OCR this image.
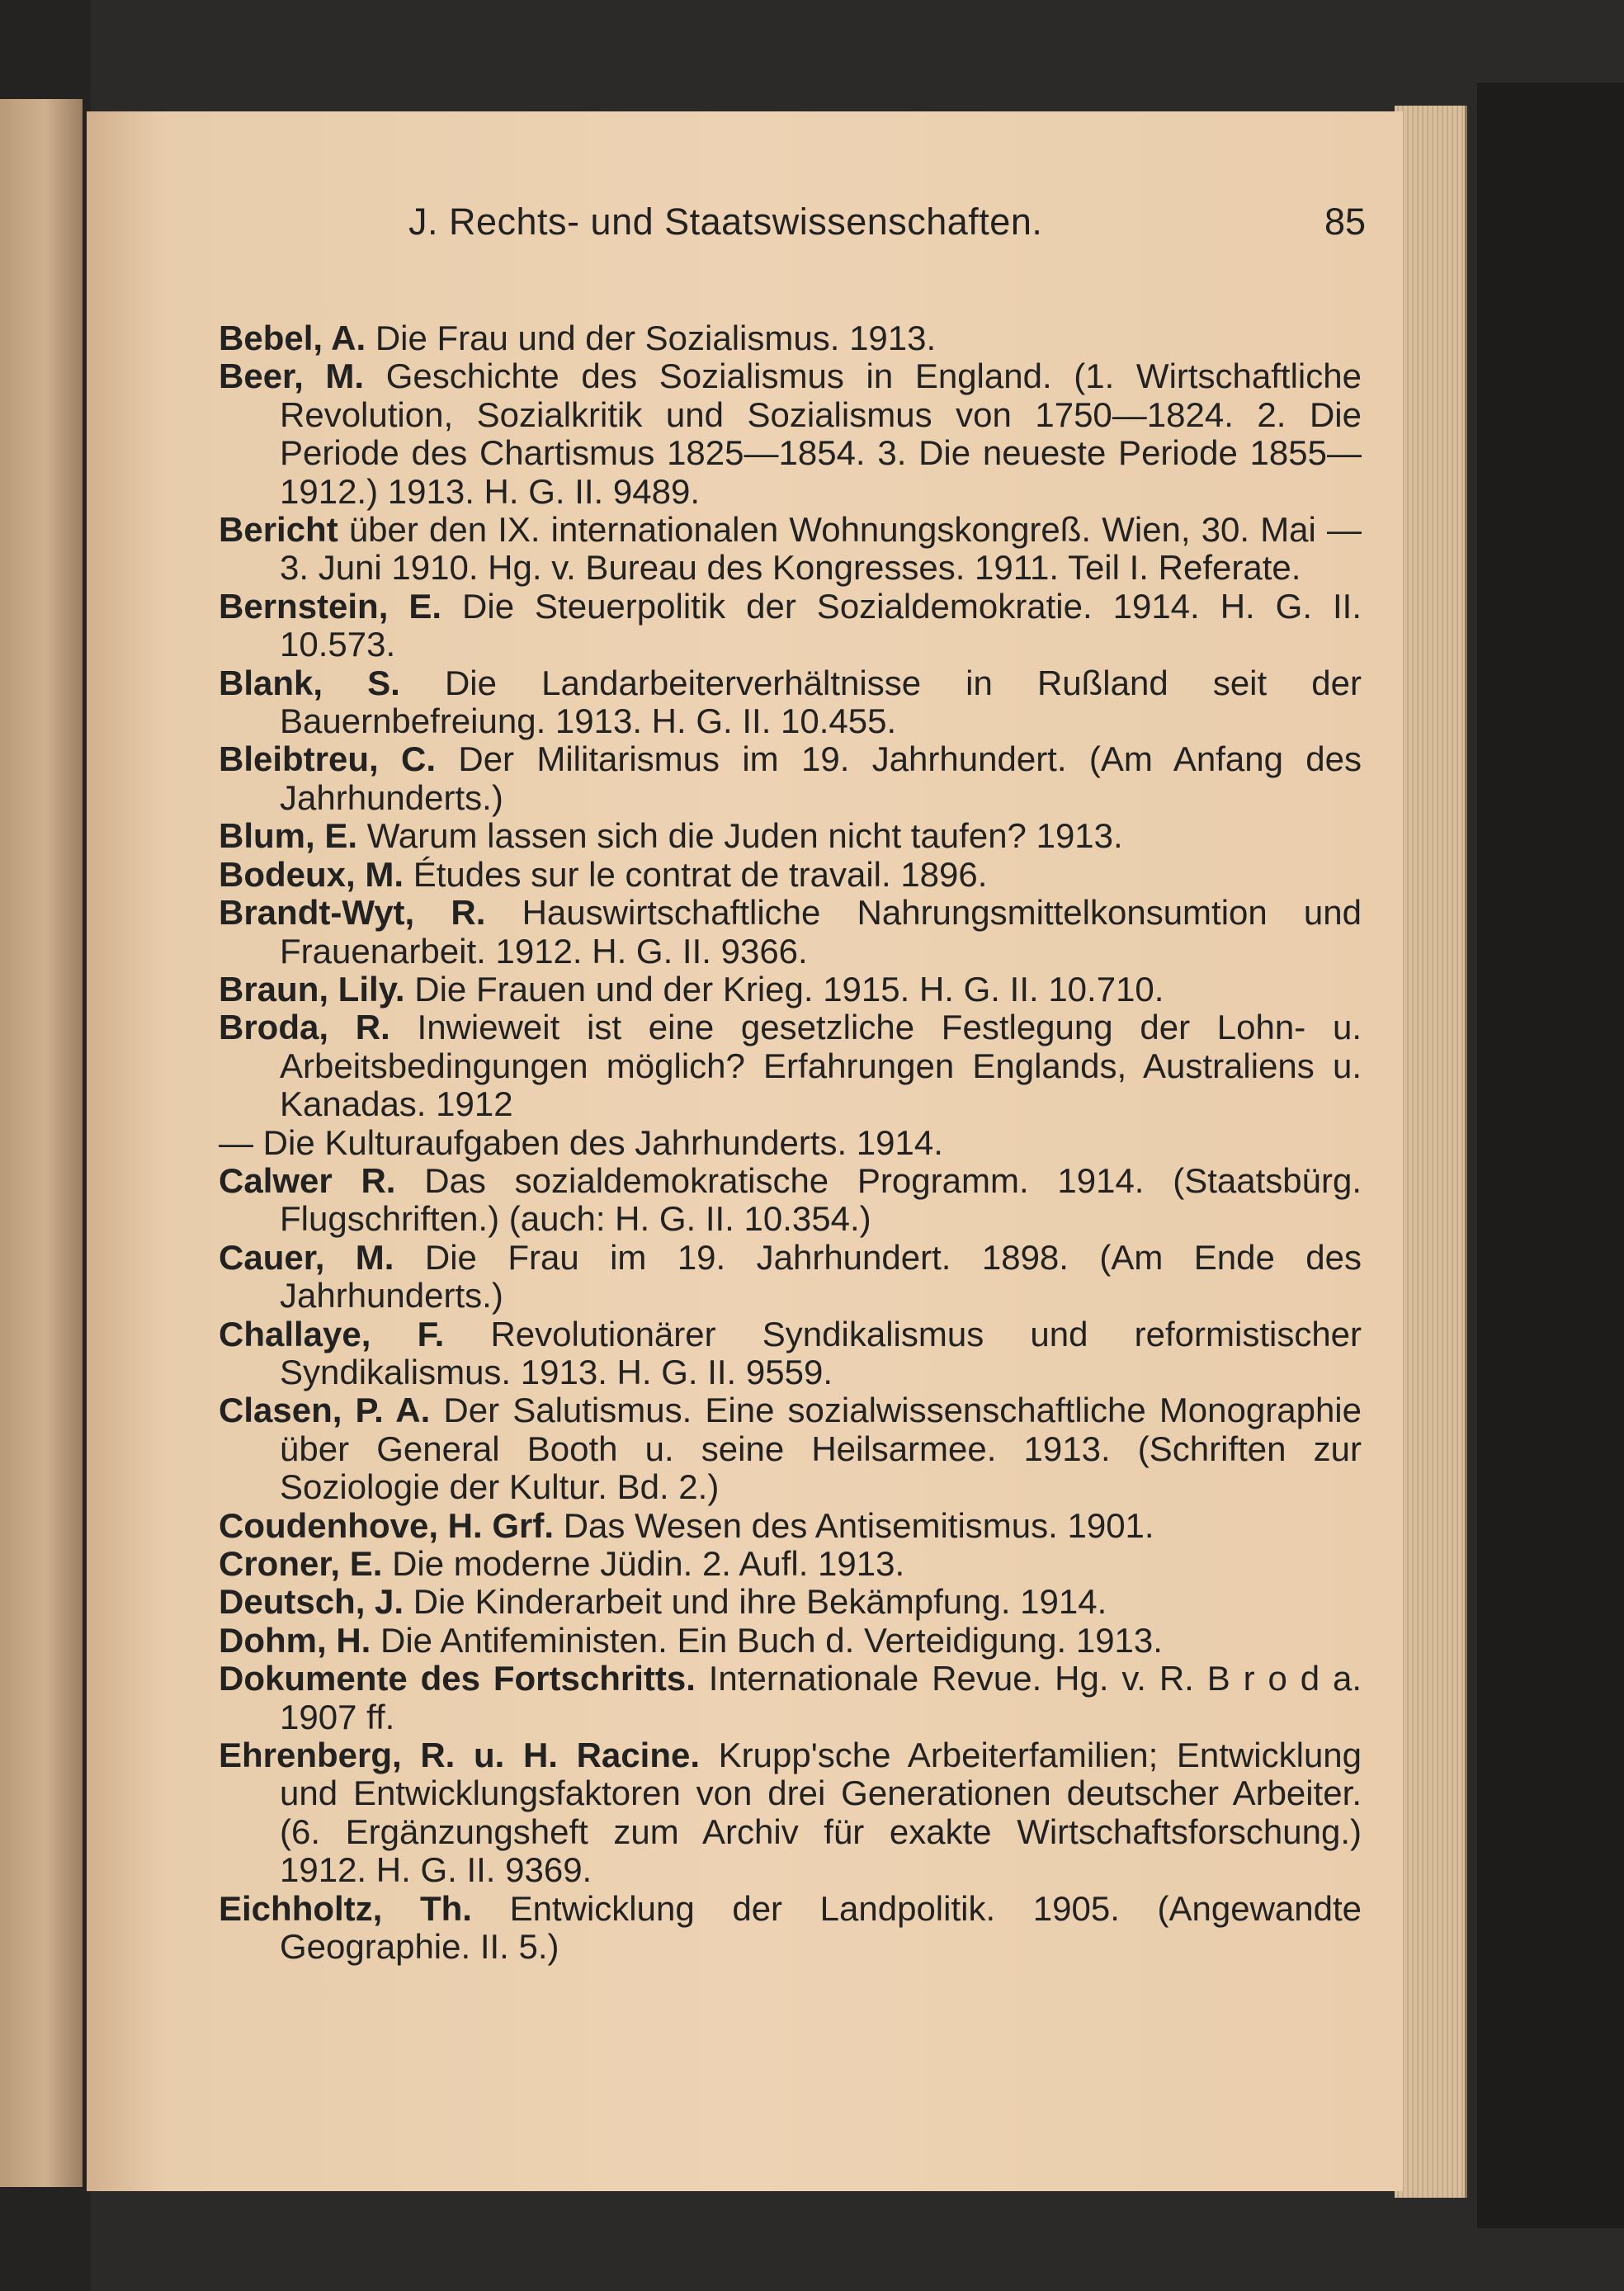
J. Rechts- und Staatswissenschaften.	85
Bebel, A. Die Frau und der Sozialismus. 1913.
Beer, M. Geschichte des Sozialismus in England. (1. Wirtschaftliche Revolution, Sozialkritik und Sozialismus von 1750—1824. 2. Die Periode des Chartismus 1825—1854. 3. Die neueste Periode 1855—1912.) 1913. H. G. II. 9489.
Bericht über den IX. internationalen Wohnungskongreß. Wien, 30. Mai — 3. Juni 1910. Hg. v. Bureau des Kongresses. 1911. Teil I. Referate.
Bernstein, E. Die Steuerpolitik der Sozialdemokratie. 1914. H. G. II. 10.573.
Blank, S. Die Landarbeiterverhältnisse in Rußland seit der Bauernbefreiung. 1913. H. G. II. 10.455.
Bleibtreu, C. Der Militarismus im 19. Jahrhundert. (Am Anfang des Jahrhunderts.)
Blum, E. Warum lassen sich die Juden nicht taufen? 1913.
Bodeux, M. Études sur le contrat de travail. 1896.
Brandt-Wyt, R. Hauswirtschaftliche Nahrungsmittelkonsumtion und Frauenarbeit. 1912. H. G. II. 9366.
Braun, Lily. Die Frauen und der Krieg. 1915. H. G. II. 10.710.
Broda, R. Inwieweit ist eine gesetzliche Festlegung der Lohn- u. Arbeitsbedingungen möglich? Erfahrungen Englands, Australiens u. Kanadas. 1912
— Die Kulturaufgaben des Jahrhunderts. 1914.
Calwer R. Das sozialdemokratische Programm. 1914. (Staatsbürg. Flugschriften.) (auch: H. G. II. 10.354.)
Cauer, M. Die Frau im 19. Jahrhundert. 1898. (Am Ende des Jahrhunderts.)
Challaye, F. Revolutionärer Syndikalismus und reformistischer Syndikalismus. 1913. H. G. II. 9559.
Clasen, P. A. Der Salutismus. Eine sozialwissenschaftliche Monographie über General Booth u. seine Heilsarmee. 1913. (Schriften zur Soziologie der Kultur. Bd. 2.)
Coudenhove, H. Grf. Das Wesen des Antisemitismus. 1901.
Croner, E. Die moderne Jüdin. 2. Aufl. 1913.
Deutsch, J. Die Kinderarbeit und ihre Bekämpfung. 1914.
Dohm, H. Die Antifeministen. Ein Buch d. Verteidigung. 1913.
Dokumente des Fortschritts. Internationale Revue. Hg. v. R. B r o d a. 1907 ff.
Ehrenberg, R. u. H. Racine. Krupp'sche Arbeiterfamilien; Entwicklung und Entwicklungsfaktoren von drei Generationen deutscher Arbeiter. (6. Ergänzungsheft zum Archiv für exakte Wirtschaftsforschung.) 1912. H. G. II. 9369.
Eichholtz, Th. Entwicklung der Landpolitik. 1905. (Angewandte Geographie. II. 5.)
